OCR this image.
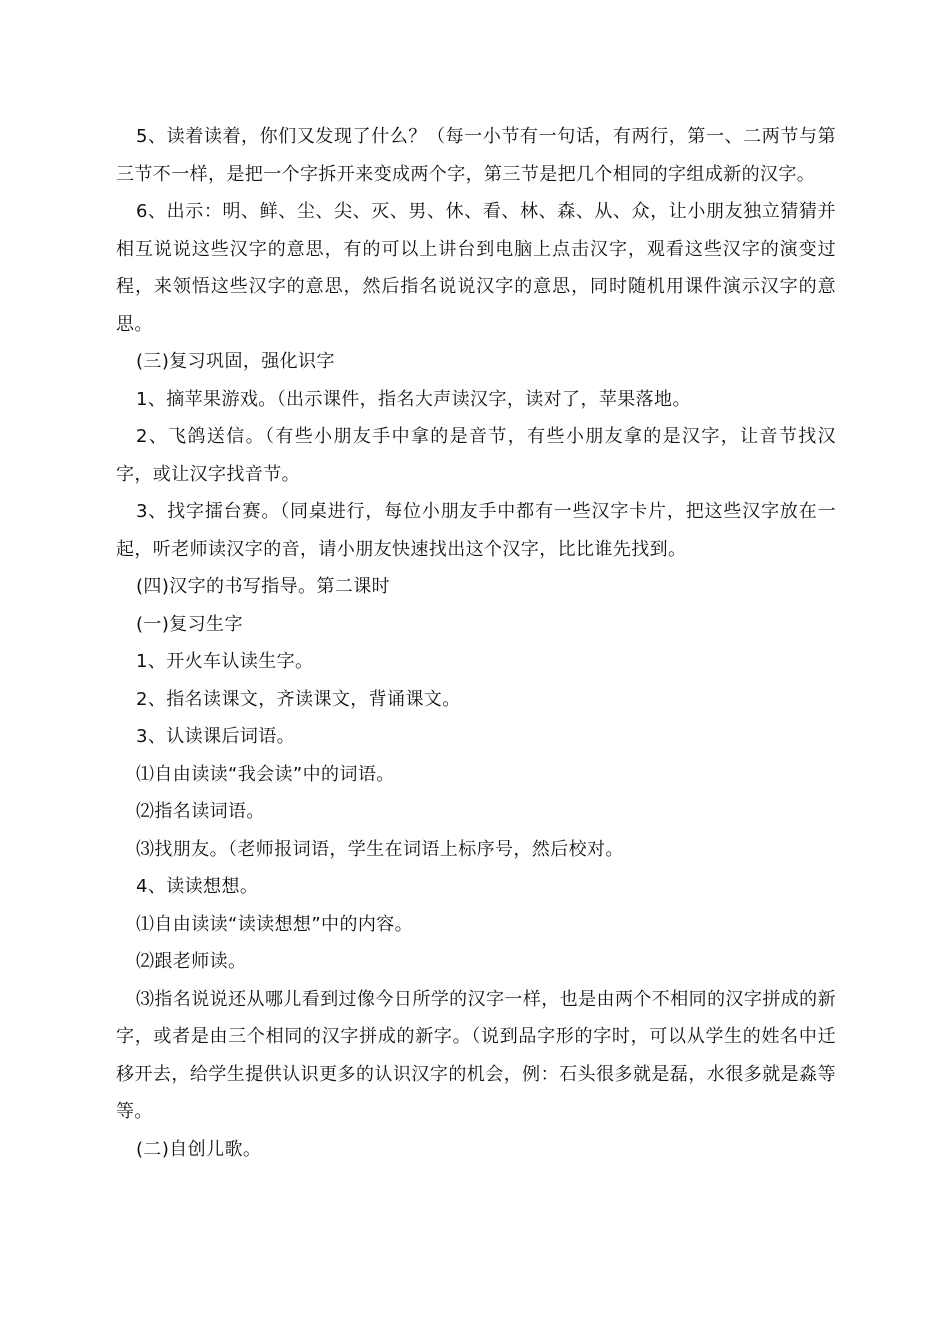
5、读着读着，你们又发现了什么？（每一小节有一句话，有两行，第一、二两节与第三节不一样，是把一个字拆开来变成两个字，第三节是把几个相同的字组成新的汉字。

6、出示：明、鲜、尘、尖、灭、男、休、看、林、森、从、众，让小朋友独立猜猜并相互说说这些汉字的意思，有的可以上讲台到电脑上点击汉字，观看这些汉字的演变过程，来领悟这些汉字的意思，然后指名说说汉字的意思，同时随机用课件演示汉字的意思。

(三)复习巩固，强化识字

1、摘苹果游戏。（出示课件，指名大声读汉字，读对了，苹果落地。

2、飞鸽送信。（有些小朋友手中拿的是音节，有些小朋友拿的是汉字，让音节找汉字，或让汉字找音节。

3、找字擂台赛。（同桌进行，每位小朋友手中都有一些汉字卡片，把这些汉字放在一起，听老师读汉字的音，请小朋友快速找出这个汉字，比比谁先找到。

(四)汉字的书写指导。第二课时

(一)复习生字

1、开火车认读生字。

2、指名读课文，齐读课文，背诵课文。

3、认读课后词语。

⑴自由读读“我会读”中的词语。

⑵指名读词语。

⑶找朋友。（老师报词语，学生在词语上标序号，然后校对。

4、读读想想。

⑴自由读读“读读想想”中的内容。

⑵跟老师读。

⑶指名说说还从哪儿看到过像今日所学的汉字一样，也是由两个不相同的汉字拼成的新字，或者是由三个相同的汉字拼成的新字。（说到品字形的字时，可以从学生的姓名中迁移开去，给学生提供认识更多的认识汉字的机会，例：石头很多就是磊，水很多就是淼等等。

(二)自创儿歌。
